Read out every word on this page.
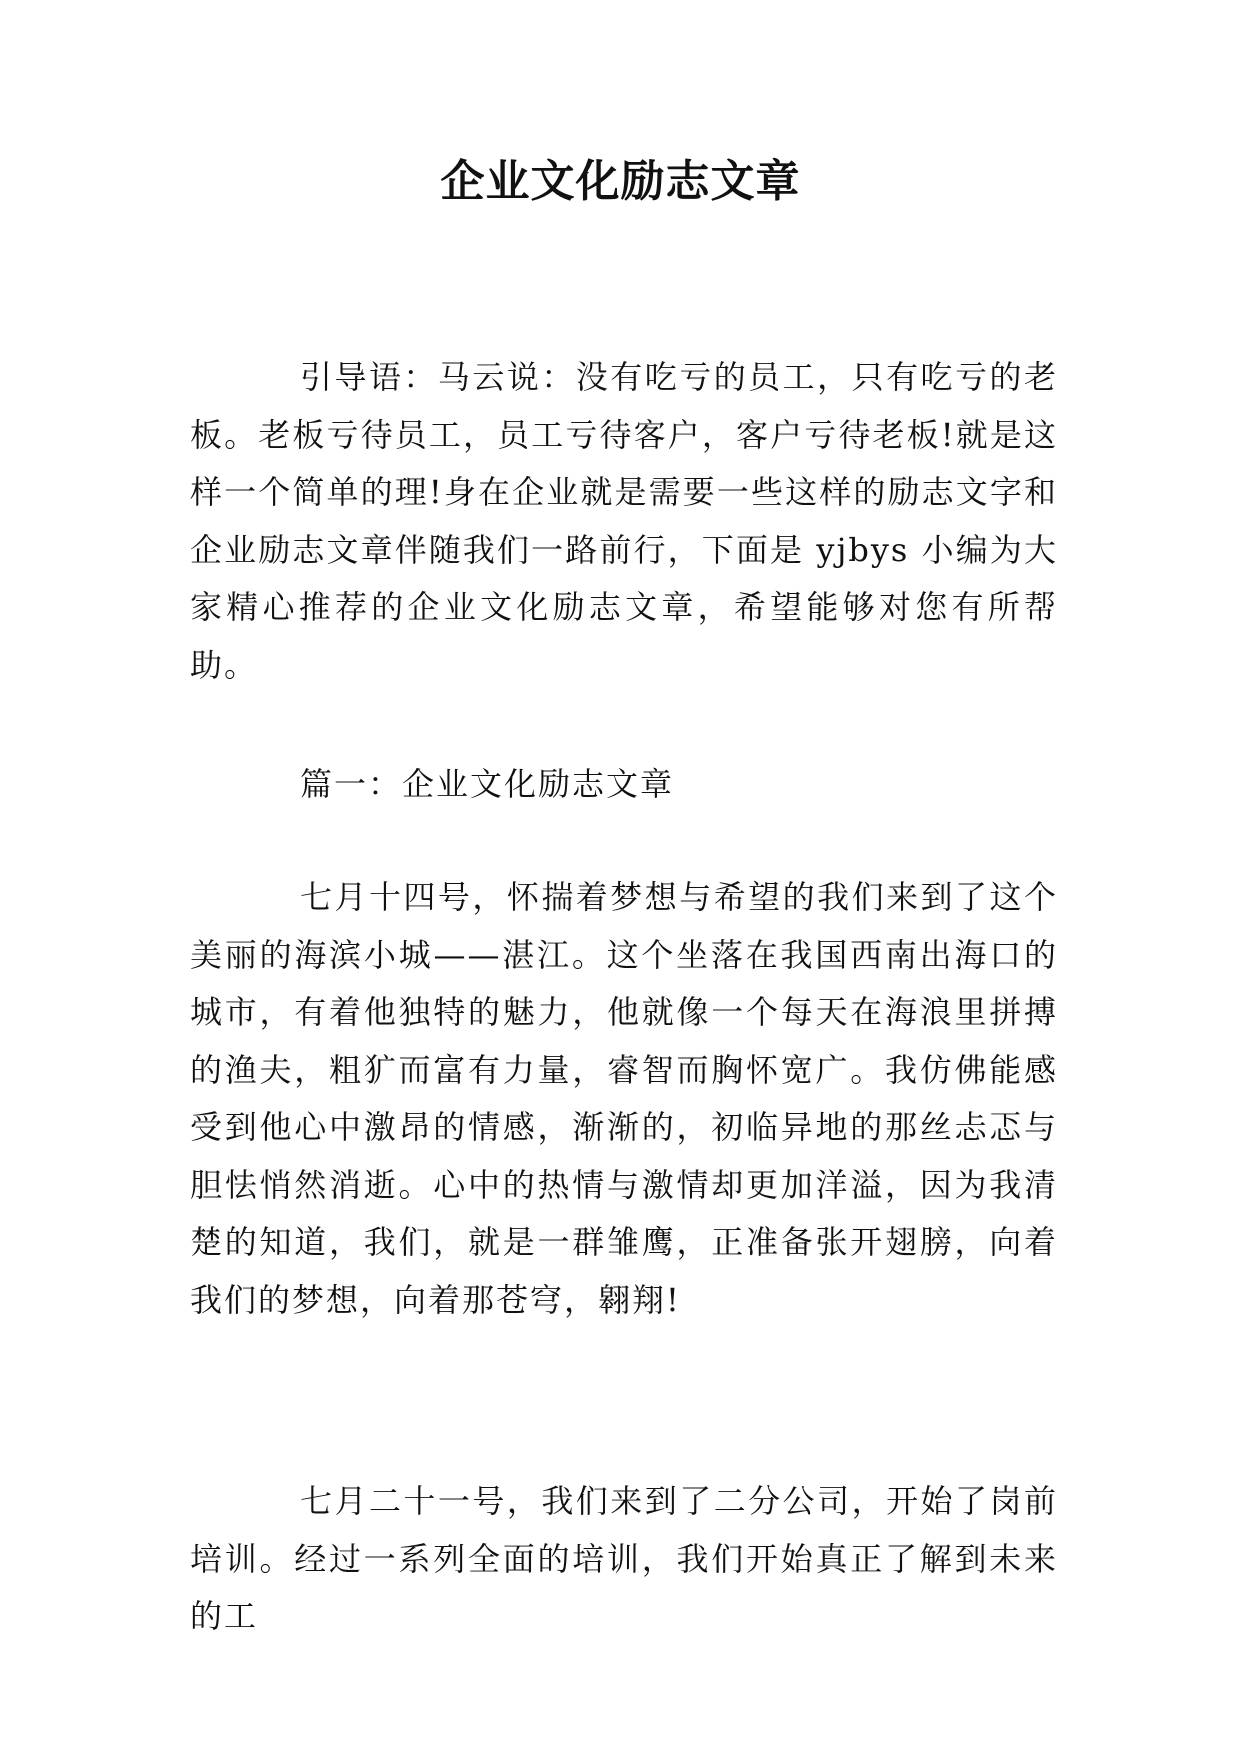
企业文化励志文章

引导语：马云说：没有吃亏的员工，只有吃亏的老板。老板亏待员工，员工亏待客户，客户亏待老板!就是这样一个简单的理!身在企业就是需要一些这样的励志文字和企业励志文章伴随我们一路前行，下面是 yjbys 小编为大家精心推荐的企业文化励志文章，希望能够对您有所帮助。

篇一：企业文化励志文章

七月十四号，怀揣着梦想与希望的我们来到了这个美丽的海滨小城——湛江。这个坐落在我国西南出海口的城市，有着他独特的魅力，他就像一个每天在海浪里拼搏的渔夫，粗犷而富有力量，睿智而胸怀宽广。我仿佛能感受到他心中激昂的情感，渐渐的，初临异地的那丝忐忑与胆怯悄然消逝。心中的热情与激情却更加洋溢，因为我清楚的知道，我们，就是一群雏鹰，正准备张开翅膀，向着我们的梦想，向着那苍穹，翱翔!

七月二十一号，我们来到了二分公司，开始了岗前培训。经过一系列全面的培训，我们开始真正了解到未来的工
